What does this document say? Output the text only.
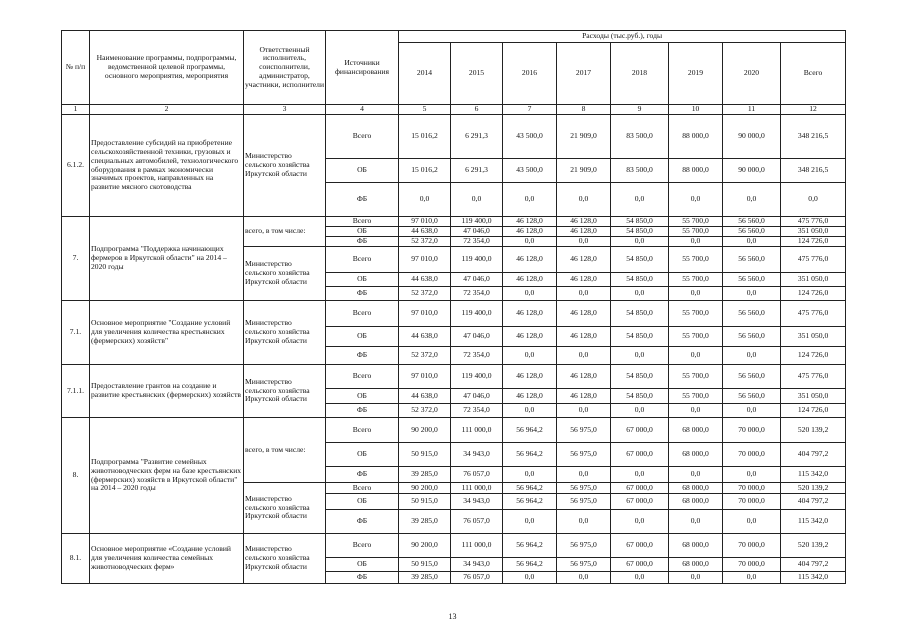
№ п/п	Наименование программы, подпрограммы, ведомственной целевой программы, основного мероприятия, мероприятия	Ответственный исполнитель, соисполнители, администратор, участники, исполнители	Источники финансирования	Расходы (тыс.руб.), годы							
				2014	2015	2016	2017	2018	2019	2020	Всего
1	2	3	4	5	6	7	8	9	10	11	12
6.1.2.	Предоставление субсидий на приобретение сельскохозяйственной техники, грузовых и специальных автомобилей, технологического оборудования в рамках экономически значимых проектов, направленных на развитие мясного скотоводства	Министерство сельского хозяйства Иркутской области	Всего	15 016,2	6 291,3	43 500,0	21 909,0	83 500,0	88 000,0	90 000,0	348 216,5
			ОБ	15 016,2	6 291,3	43 500,0	21 909,0	83 500,0	88 000,0	90 000,0	348 216,5
			ФБ	0,0	0,0	0,0	0,0	0,0	0,0	0,0	0,0
7.	Подпрограмма "Поддержка начинающих фермеров в Иркутской области" на 2014 – 2020 годы	всего, в том числе:	Всего	97 010,0	119 400,0	46 128,0	46 128,0	54 850,0	55 700,0	56 560,0	475 776,0
			ОБ	44 638,0	47 046,0	46 128,0	46 128,0	54 850,0	55 700,0	56 560,0	351 050,0
			ФБ	52 372,0	72 354,0	0,0	0,0	0,0	0,0	0,0	124 726,0
		Министерство сельского хозяйства Иркутской области	Всего	97 010,0	119 400,0	46 128,0	46 128,0	54 850,0	55 700,0	56 560,0	475 776,0
			ОБ	44 638,0	47 046,0	46 128,0	46 128,0	54 850,0	55 700,0	56 560,0	351 050,0
			ФБ	52 372,0	72 354,0	0,0	0,0	0,0	0,0	0,0	124 726,0
7.1.	Основное мероприятие "Создание условий для увеличения количества крестьянских (фермерских) хозяйств"	Министерство сельского хозяйства Иркутской области	Всего	97 010,0	119 400,0	46 128,0	46 128,0	54 850,0	55 700,0	56 560,0	475 776,0
			ОБ	44 638,0	47 046,0	46 128,0	46 128,0	54 850,0	55 700,0	56 560,0	351 050,0
			ФБ	52 372,0	72 354,0	0,0	0,0	0,0	0,0	0,0	124 726,0
7.1.1.	Предоставление грантов на создание и развитие крестьянских (фермерских) хозяйств	Министерство сельского хозяйства Иркутской области	Всего	97 010,0	119 400,0	46 128,0	46 128,0	54 850,0	55 700,0	56 560,0	475 776,0
			ОБ	44 638,0	47 046,0	46 128,0	46 128,0	54 850,0	55 700,0	56 560,0	351 050,0
			ФБ	52 372,0	72 354,0	0,0	0,0	0,0	0,0	0,0	124 726,0
8.	Подпрограмма "Развитие семейных животноводческих ферм на базе крестьянских (фермерских) хозяйств в Иркутской области" на 2014 – 2020 годы	всего, в том числе:	Всего	90 200,0	111 000,0	56 964,2	56 975,0	67 000,0	68 000,0	70 000,0	520 139,2
			ОБ	50 915,0	34 943,0	56 964,2	56 975,0	67 000,0	68 000,0	70 000,0	404 797,2
			ФБ	39 285,0	76 057,0	0,0	0,0	0,0	0,0	0,0	115 342,0
		Министерство сельского хозяйства Иркутской области	Всего	90 200,0	111 000,0	56 964,2	56 975,0	67 000,0	68 000,0	70 000,0	520 139,2
			ОБ	50 915,0	34 943,0	56 964,2	56 975,0	67 000,0	68 000,0	70 000,0	404 797,2
			ФБ	39 285,0	76 057,0	0,0	0,0	0,0	0,0	0,0	115 342,0
8.1.	Основное мероприятие «Создание условий для увеличения количества семейных животноводческих ферм»	Министерство сельского хозяйства Иркутской области	Всего	90 200,0	111 000,0	56 964,2	56 975,0	67 000,0	68 000,0	70 000,0	520 139,2
			ОБ	50 915,0	34 943,0	56 964,2	56 975,0	67 000,0	68 000,0	70 000,0	404 797,2
			ФБ	39 285,0	76 057,0	0,0	0,0	0,0	0,0	0,0	115 342,0
13
